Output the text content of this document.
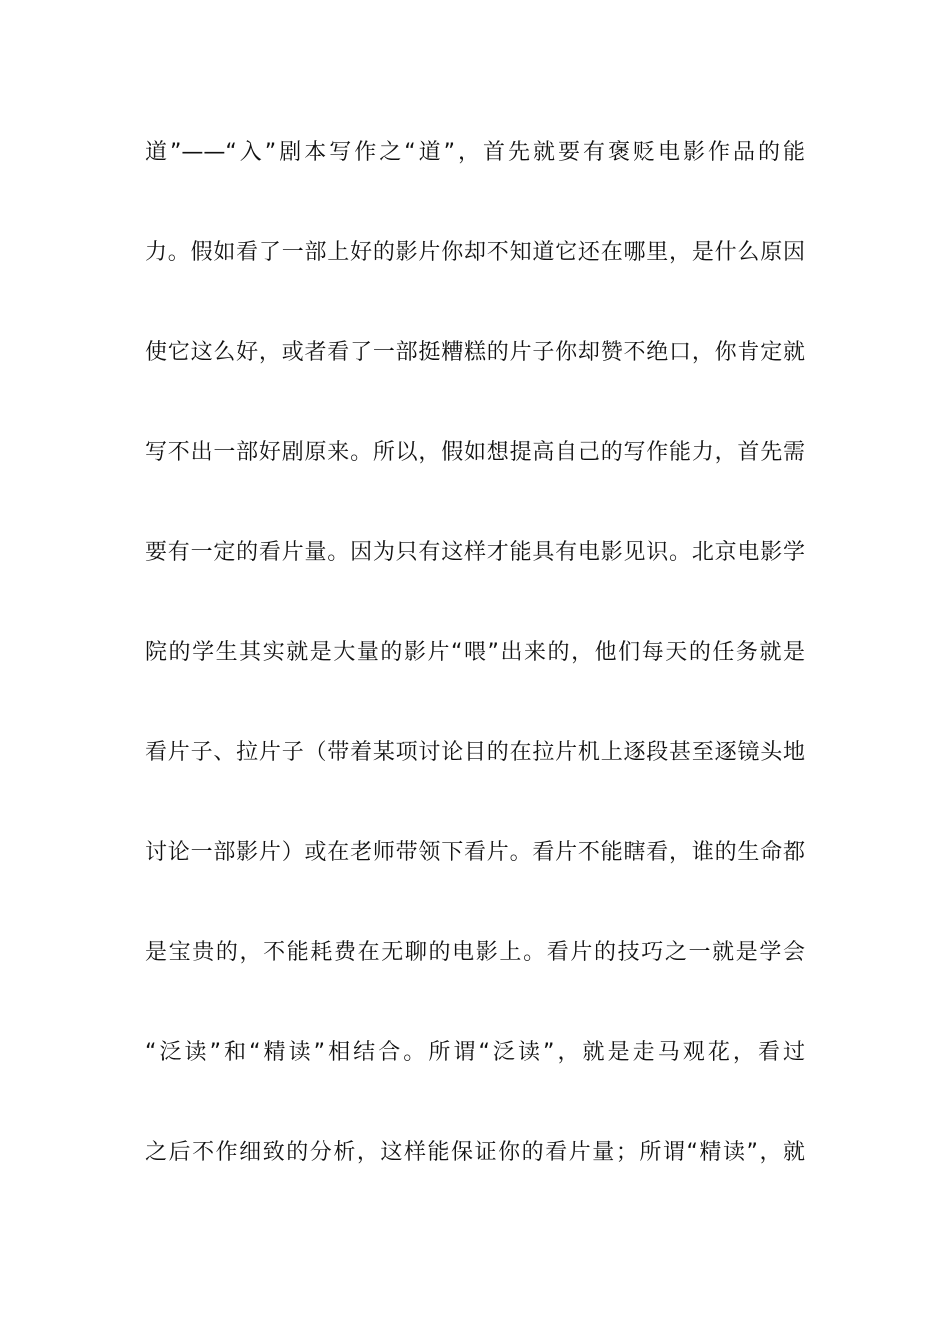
道”——“入”剧本写作之“道”，首先就要有褒贬电影作品的能
力。假如看了一部上好的影片你却不知道它还在哪里，是什么原因
使它这么好，或者看了一部挺糟糕的片子你却赞不绝口，你肯定就
写不出一部好剧原来。所以，假如想提高自己的写作能力，首先需
要有一定的看片量。因为只有这样才能具有电影见识。北京电影学
院的学生其实就是大量的影片“喂”出来的，他们每天的任务就是
看片子、拉片子（带着某项讨论目的在拉片机上逐段甚至逐镜头地
讨论一部影片）或在老师带领下看片。看片不能瞎看，谁的生命都
是宝贵的，不能耗费在无聊的电影上。看片的技巧之一就是学会
“泛读”和“精读”相结合。所谓“泛读”，就是走马观花，看过
之后不作细致的分析，这样能保证你的看片量；所谓“精读”，就
